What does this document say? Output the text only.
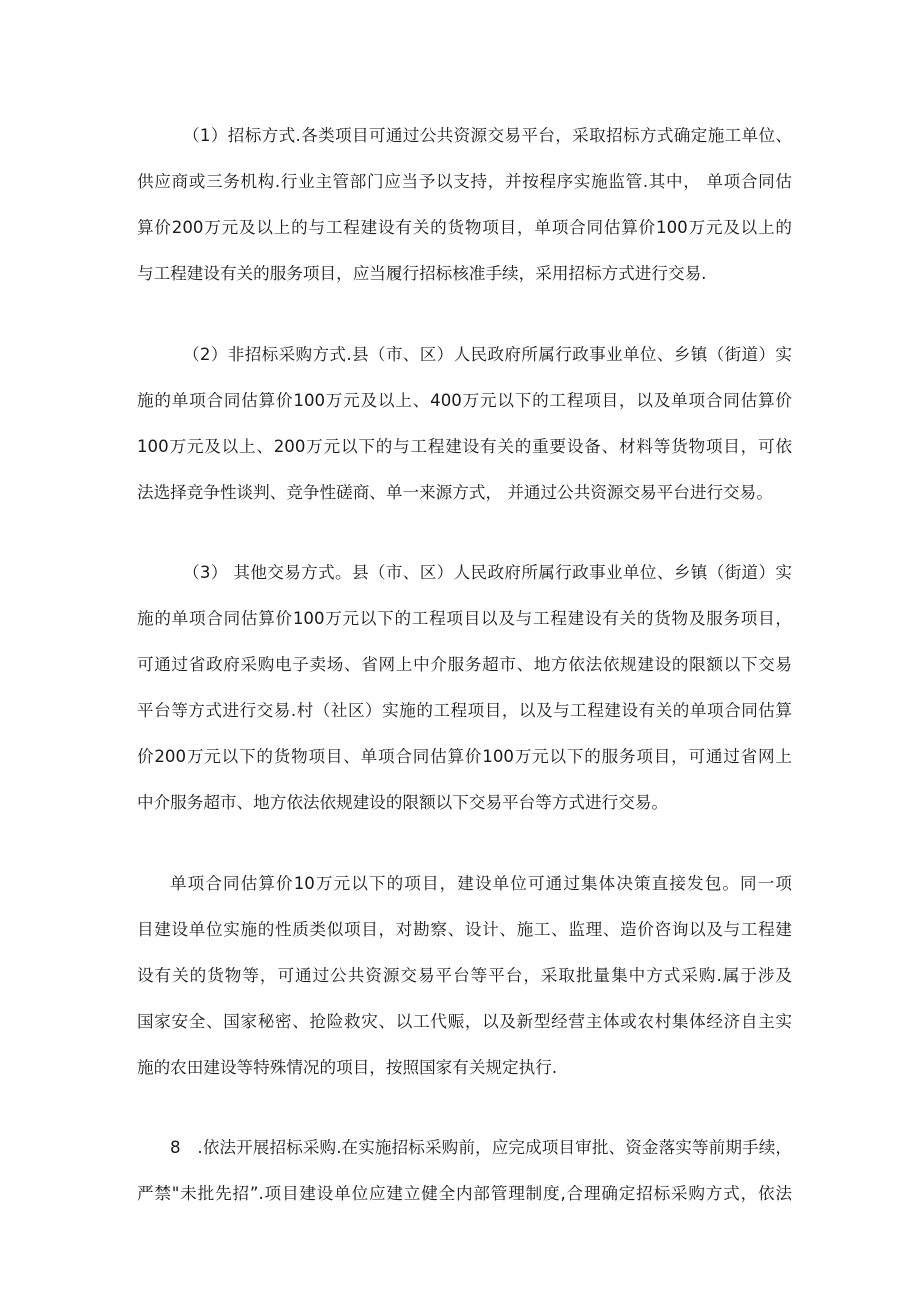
（1）招标方式.各类项目可通过公共资源交易平台，采取招标方式确定施工单位、
供应商或三务机构.行业主管部门应当予以支持，并按程序实施监管.其中， 单项合同估
算价200万元及以上的与工程建设有关的货物项目，单项合同估算价100万元及以上的
与工程建设有关的服务项目，应当履行招标核准手续，采用招标方式进行交易.
（2）非招标采购方式.县（市、区）人民政府所属行政事业单位、乡镇（街道）实
施的单项合同估算价100万元及以上、400万元以下的工程项目，以及单项合同估算价
100万元及以上、200万元以下的与工程建设有关的重要设备、材料等货物项目，可依
法选择竞争性谈判、竞争性磋商、单一来源方式， 并通过公共资源交易平台进行交易。
（3） 其他交易方式。县（市、区）人民政府所属行政事业单位、乡镇（街道）实
施的单项合同估算价100万元以下的工程项目以及与工程建设有关的货物及服务项目，
可通过省政府采购电子卖场、省网上中介服务超市、地方依法依规建设的限额以下交易
平台等方式进行交易.村（社区）实施的工程项目，以及与工程建设有关的单项合同估算
价200万元以下的货物项目、单项合同估算价100万元以下的服务项目，可通过省网上
中介服务超市、地方依法依规建设的限额以下交易平台等方式进行交易。
单项合同估算价10万元以下的项目，建设单位可通过集体决策直接发包。同一项
目建设单位实施的性质类似项目，对勘察、设计、施工、监理、造价咨询以及与工程建
设有关的货物等，可通过公共资源交易平台等平台，采取批量集中方式采购.属于涉及
国家安全、国家秘密、抢险救灾、以工代赈，以及新型经营主体或农村集体经济自主实
施的农田建设等特殊情况的项目，按照国家有关规定执行.
8　.依法开展招标采购.在实施招标采购前，应完成项目审批、资金落实等前期手续，
严禁"未批先招”.项目建设单位应建立健全内部管理制度,合理确定招标采购方式，依法
